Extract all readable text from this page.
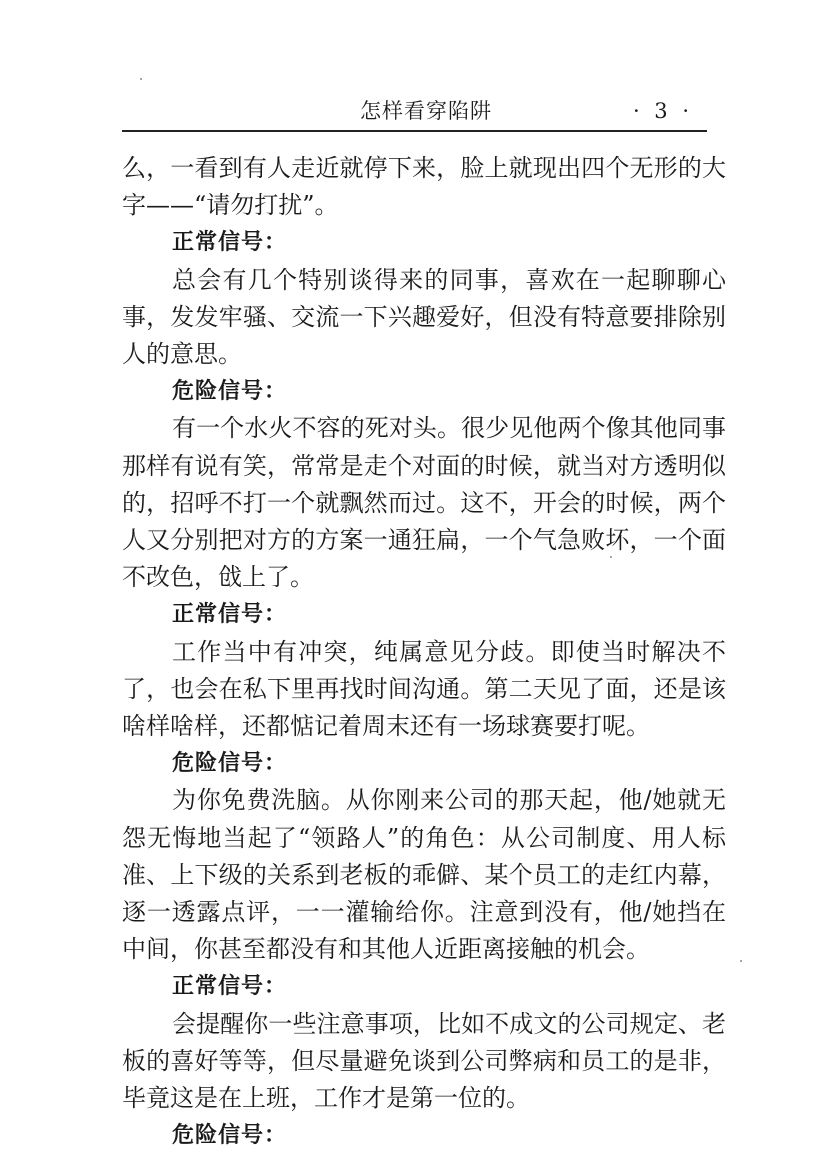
怎样看穿陷阱	· 3 ·

么，一看到有人走近就停下来，脸上就现出四个无形的大字——“请勿打扰”。

正常信号：

总会有几个特别谈得来的同事，喜欢在一起聊聊心事，发发牢骚、交流一下兴趣爱好，但没有特意要排除别人的意思。

危险信号：

有一个水火不容的死对头。很少见他两个像其他同事那样有说有笑，常常是走个对面的时候，就当对方透明似的，招呼不打一个就飘然而过。这不，开会的时候，两个人又分别把对方的方案一通狂扁，一个气急败坏，一个面不改色，戗上了。

正常信号：

工作当中有冲突，纯属意见分歧。即使当时解决不了，也会在私下里再找时间沟通。第二天见了面，还是该啥样啥样，还都惦记着周末还有一场球赛要打呢。

危险信号：

为你免费洗脑。从你刚来公司的那天起，他/她就无怨无悔地当起了“领路人”的角色：从公司制度、用人标准、上下级的关系到老板的乖僻、某个员工的走红内幕，逐一透露点评，一一灌输给你。注意到没有，他/她挡在中间，你甚至都没有和其他人近距离接触的机会。

正常信号：

会提醒你一些注意事项，比如不成文的公司规定、老板的喜好等等，但尽量避免谈到公司弊病和员工的是非，毕竟这是在上班，工作才是第一位的。

危险信号：
